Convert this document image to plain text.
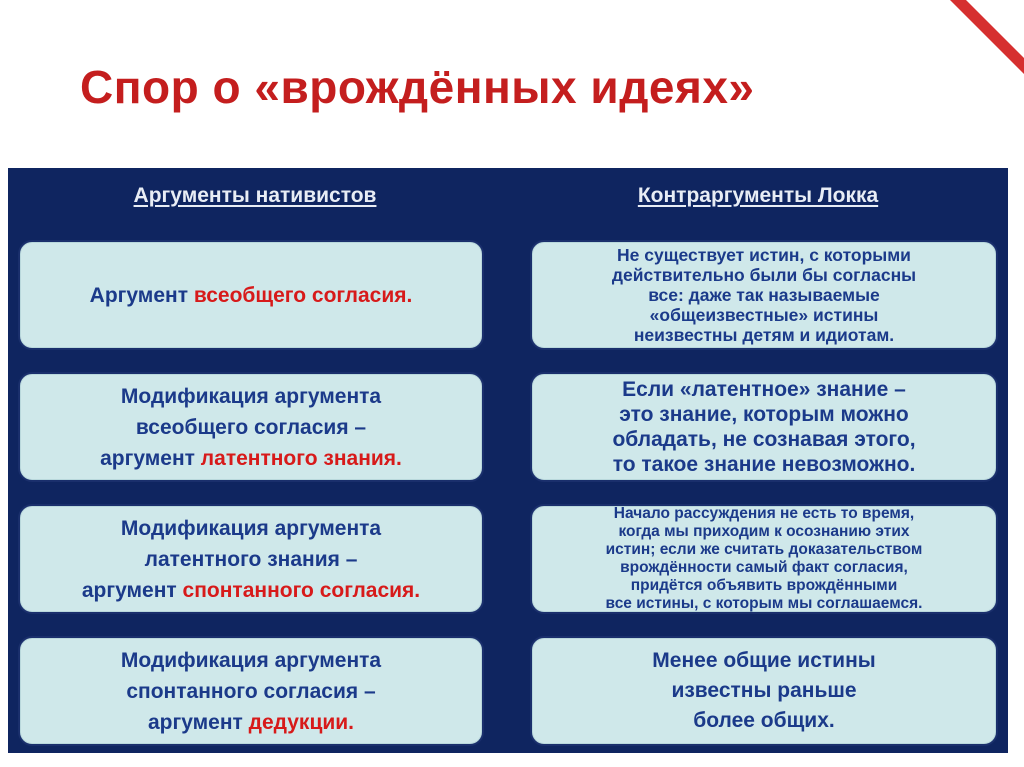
Спор о «врождённых идеях»
Аргументы нативистов	Контраргументы Локка
Аргумент всеобщего согласия.
Не существует истин, с которыми
действительно были бы согласны
все: даже так называемые
«общеизвестные» истины
неизвестны детям и идиотам.
Модификация аргумента
всеобщего согласия –
аргумент латентного знания.
Если «латентное» знание –
это знание, которым можно
обладать, не сознавая этого,
то такое знание невозможно.
Модификация аргумента
латентного знания –
аргумент спонтанного согласия.
Начало рассуждения не есть то время,
когда мы приходим к осознанию этих
истин; если же считать доказательством
врождённости самый факт согласия,
придётся объявить врождёнными
все истины, с которым мы соглашаемся.
Модификация аргумента
спонтанного согласия –
аргумент дедукции.
Менее общие истины
известны раньше
более общих.
